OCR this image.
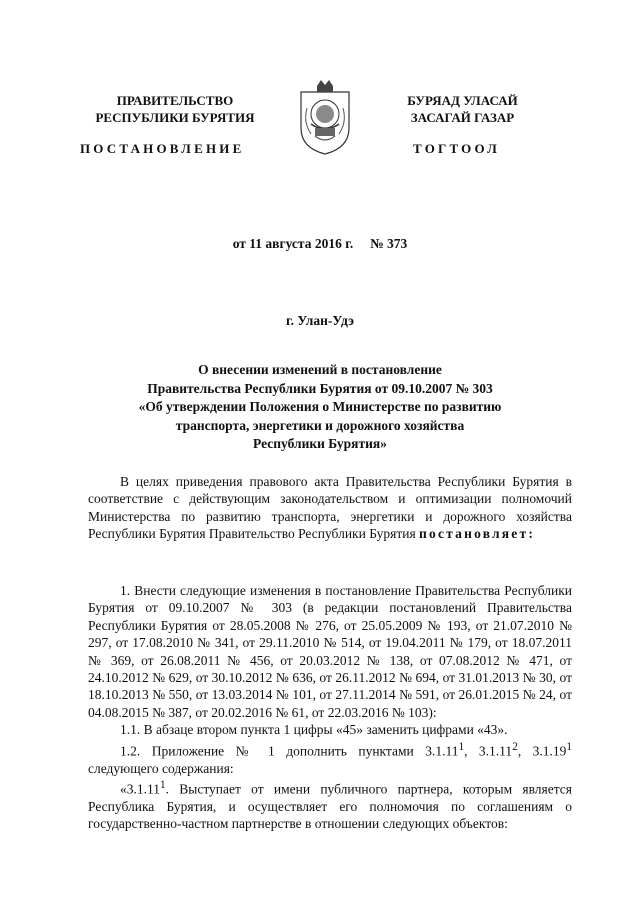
ПРАВИТЕЛЬСТВО
РЕСПУБЛИКИ БУРЯТИЯ
БУРЯАД УЛАСАЙ
ЗАСАГАЙ ГАЗАР
ПОСТАНОВЛЕНИЕ	ТОГТООЛ
от 11 августа 2016 г.     № 373
г. Улан-Удэ
О внесении изменений в постановление
Правительства Республики Бурятия от 09.10.2007 № 303
«Об утверждении Положения о Министерстве по развитию
транспорта, энергетики и дорожного хозяйства
Республики Бурятия»

В целях приведения правового акта Правительства Республики Бурятия в соответствие с действующим законодательством и оптимизации полномочий Министерства по развитию транспорта, энергетики и дорожного хозяйства Республики Бурятия Правительство Республики Бурятия постановляет:

1. Внести следующие изменения в постановление Правительства Республики Бурятия от 09.10.2007 № 303 (в редакции постановлений Правительства Республики Бурятия от 28.05.2008 № 276, от 25.05.2009 № 193, от 21.07.2010 № 297, от 17.08.2010 № 341, от 29.11.2010 № 514, от 19.04.2011 № 179, от 18.07.2011 № 369, от 26.08.2011 № 456, от 20.03.2012 № 138, от 07.08.2012 № 471, от 24.10.2012 № 629, от 30.10.2012 № 636, от 26.11.2012 № 694, от 31.01.2013 № 30, от 18.10.2013 № 550, от 13.03.2014 № 101, от 27.11.2014 № 591, от 26.01.2015 № 24, от 04.08.2015 № 387, от 20.02.2016 № 61, от 22.03.2016 № 103):

1.1. В абзаце втором пункта 1 цифры «45» заменить цифрами «43».

1.2. Приложение № 1 дополнить пунктами 3.1.11$^1$, 3.1.11$^2$, 3.1.19$^1$ следующего содержания:

«3.1.11$^1$. Выступает от имени публичного партнера, которым является Республика Бурятия, и осуществляет его полномочия по соглашениям о государственно-частном партнерстве в отношении следующих объектов:
